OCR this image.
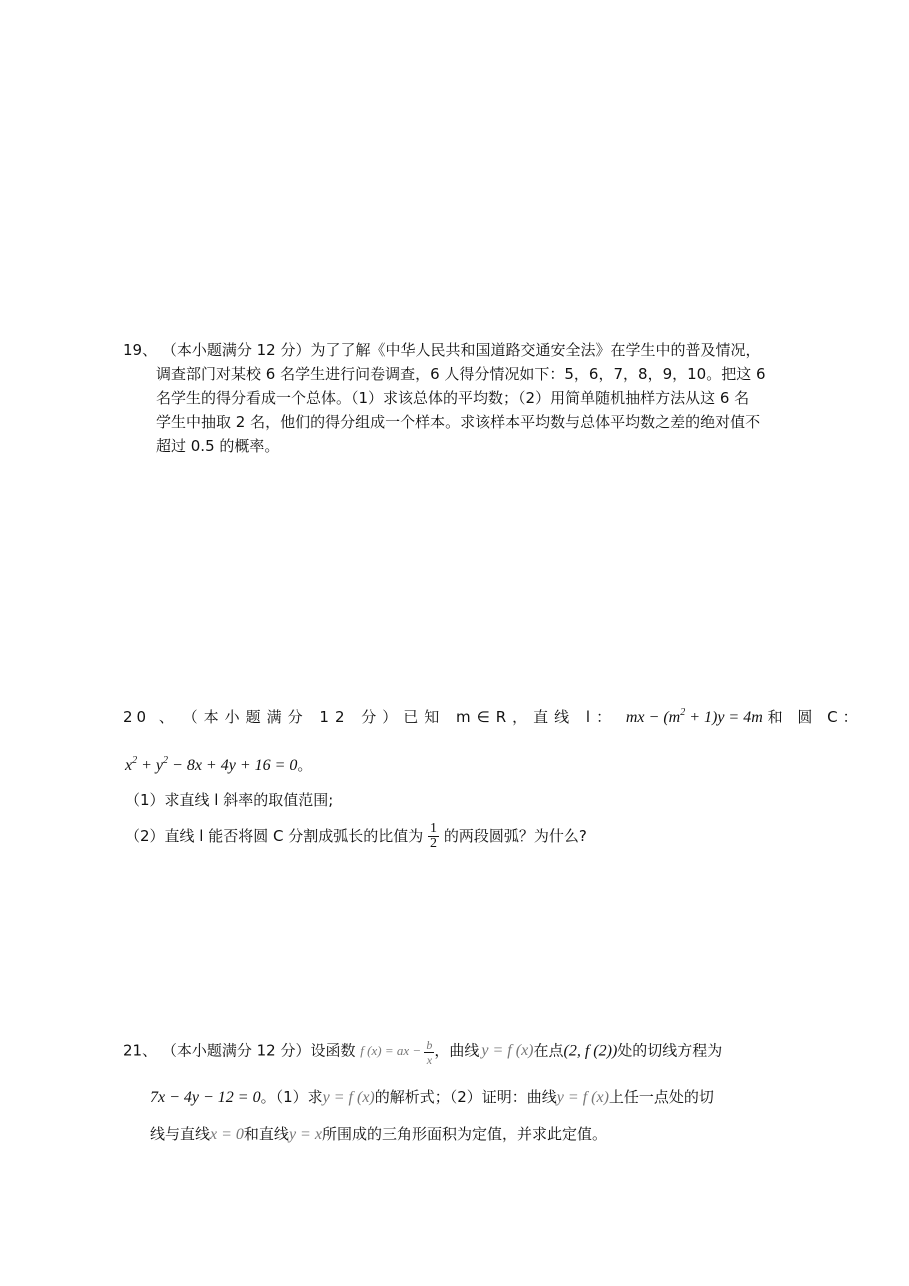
19、 （本小题满分 12 分）为了了解《中华人民共和国道路交通安全法》在学生中的普及情况，
调查部门对某校 6 名学生进行问卷调查，6 人得分情况如下：5，6，7，8，9，10。把这 6
名学生的得分看成一个总体。（1）求该总体的平均数；（2）用简单随机抽样方法从这 6 名
学生中抽取 2 名，他们的得分组成一个样本。求该样本平均数与总体平均数之差的绝对值不
超过 0.5 的概率。
20 、 （本小题满分 12 分）已知 m∈R，直线 l： mx − $(m^2 + 1)y = 4m$ 和 圆 C：
$x^2 + y^2 - 8x + 4y + 16 = 0$。
（1）求直线 l 斜率的取值范围;
（2）直线 l 能否将圆 C 分割成弧长的比值为 $\frac{1}{2}$ 的两段圆弧？为什么?
21、 （本小题满分 12 分）设函数 f (x) = ax − $\frac{b}{x}$ ，曲线 y = f (x)在点(2, f (2))处的切线方程为
7x − 4y − 12 = 0。（1）求y = f (x)的解析式；（2）证明：曲线y = f (x)上任一点处的切
线与直线x = 0和直线y = x所围成的三角形面积为定值，并求此定值。
